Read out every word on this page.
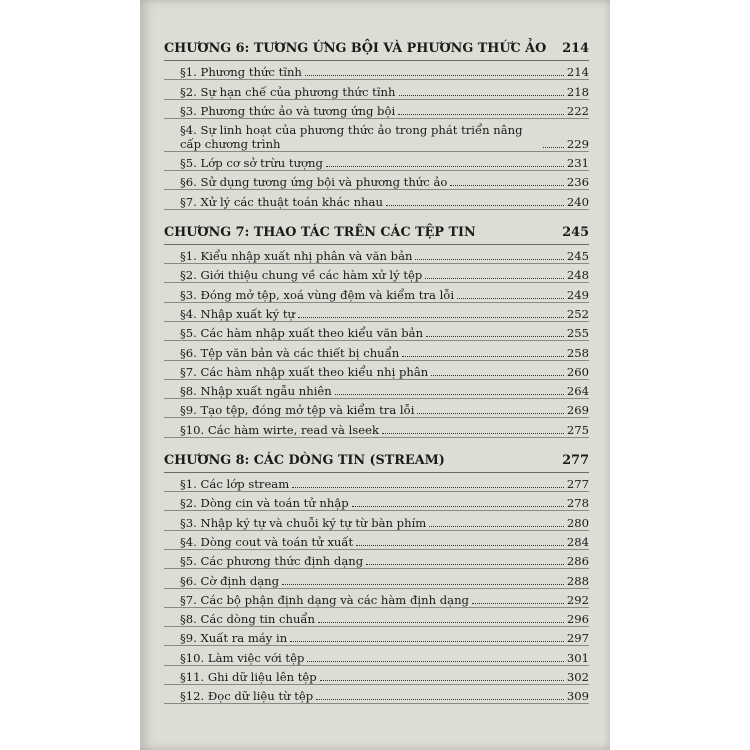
CHƯƠNG 6: TƯƠNG ỨNG BỘI VÀ PHƯƠNG THỨC ẢO	214
§1. Phương thức tĩnh	214
§2. Sự hạn chế của phương thức tĩnh	218
§3. Phương thức ảo và tương ứng bội	222
§4. Sự linh hoạt của phương thức ảo trong phát triển nâng cấp chương trình	229
§5. Lớp cơ sở trừu tượng	231
§6. Sử dụng tương ứng bội và phương thức ảo	236
§7. Xử lý các thuật toán khác nhau	240
CHƯƠNG 7: THAO TÁC TRÊN CÁC TỆP TIN	245
§1. Kiểu nhập xuất nhị phân và văn bản	245
§2. Giới thiệu chung về các hàm xử lý tệp	248
§3. Đóng mở tệp, xoá vùng đệm và kiểm tra lỗi	249
§4. Nhập xuất ký tự	252
§5. Các hàm nhập xuất theo kiểu văn bản	255
§6. Tệp văn bản và các thiết bị chuẩn	258
§7. Các hàm nhập xuất theo kiểu nhị phân	260
§8. Nhập xuất ngẫu nhiên	264
§9. Tạo tệp, đóng mở tệp và kiểm tra lỗi	269
§10. Các hàm wirte, read và lseek	275
CHƯƠNG 8: CÁC DÒNG TIN (STREAM)	277
§1. Các lớp stream	277
§2. Dòng cin và toán tử nhập	278
§3. Nhập ký tự và chuỗi ký tự từ bàn phím	280
§4. Dòng cout và toán tử xuất	284
§5. Các phương thức định dạng	286
§6. Cờ định dạng	288
§7. Các bộ phận định dạng và các hàm định dạng	292
§8. Các dòng tin chuẩn	296
§9. Xuất ra máy in	297
§10. Làm việc với tệp	301
§11. Ghi dữ liệu lên tệp	302
§12. Đọc dữ liệu từ tệp	309
